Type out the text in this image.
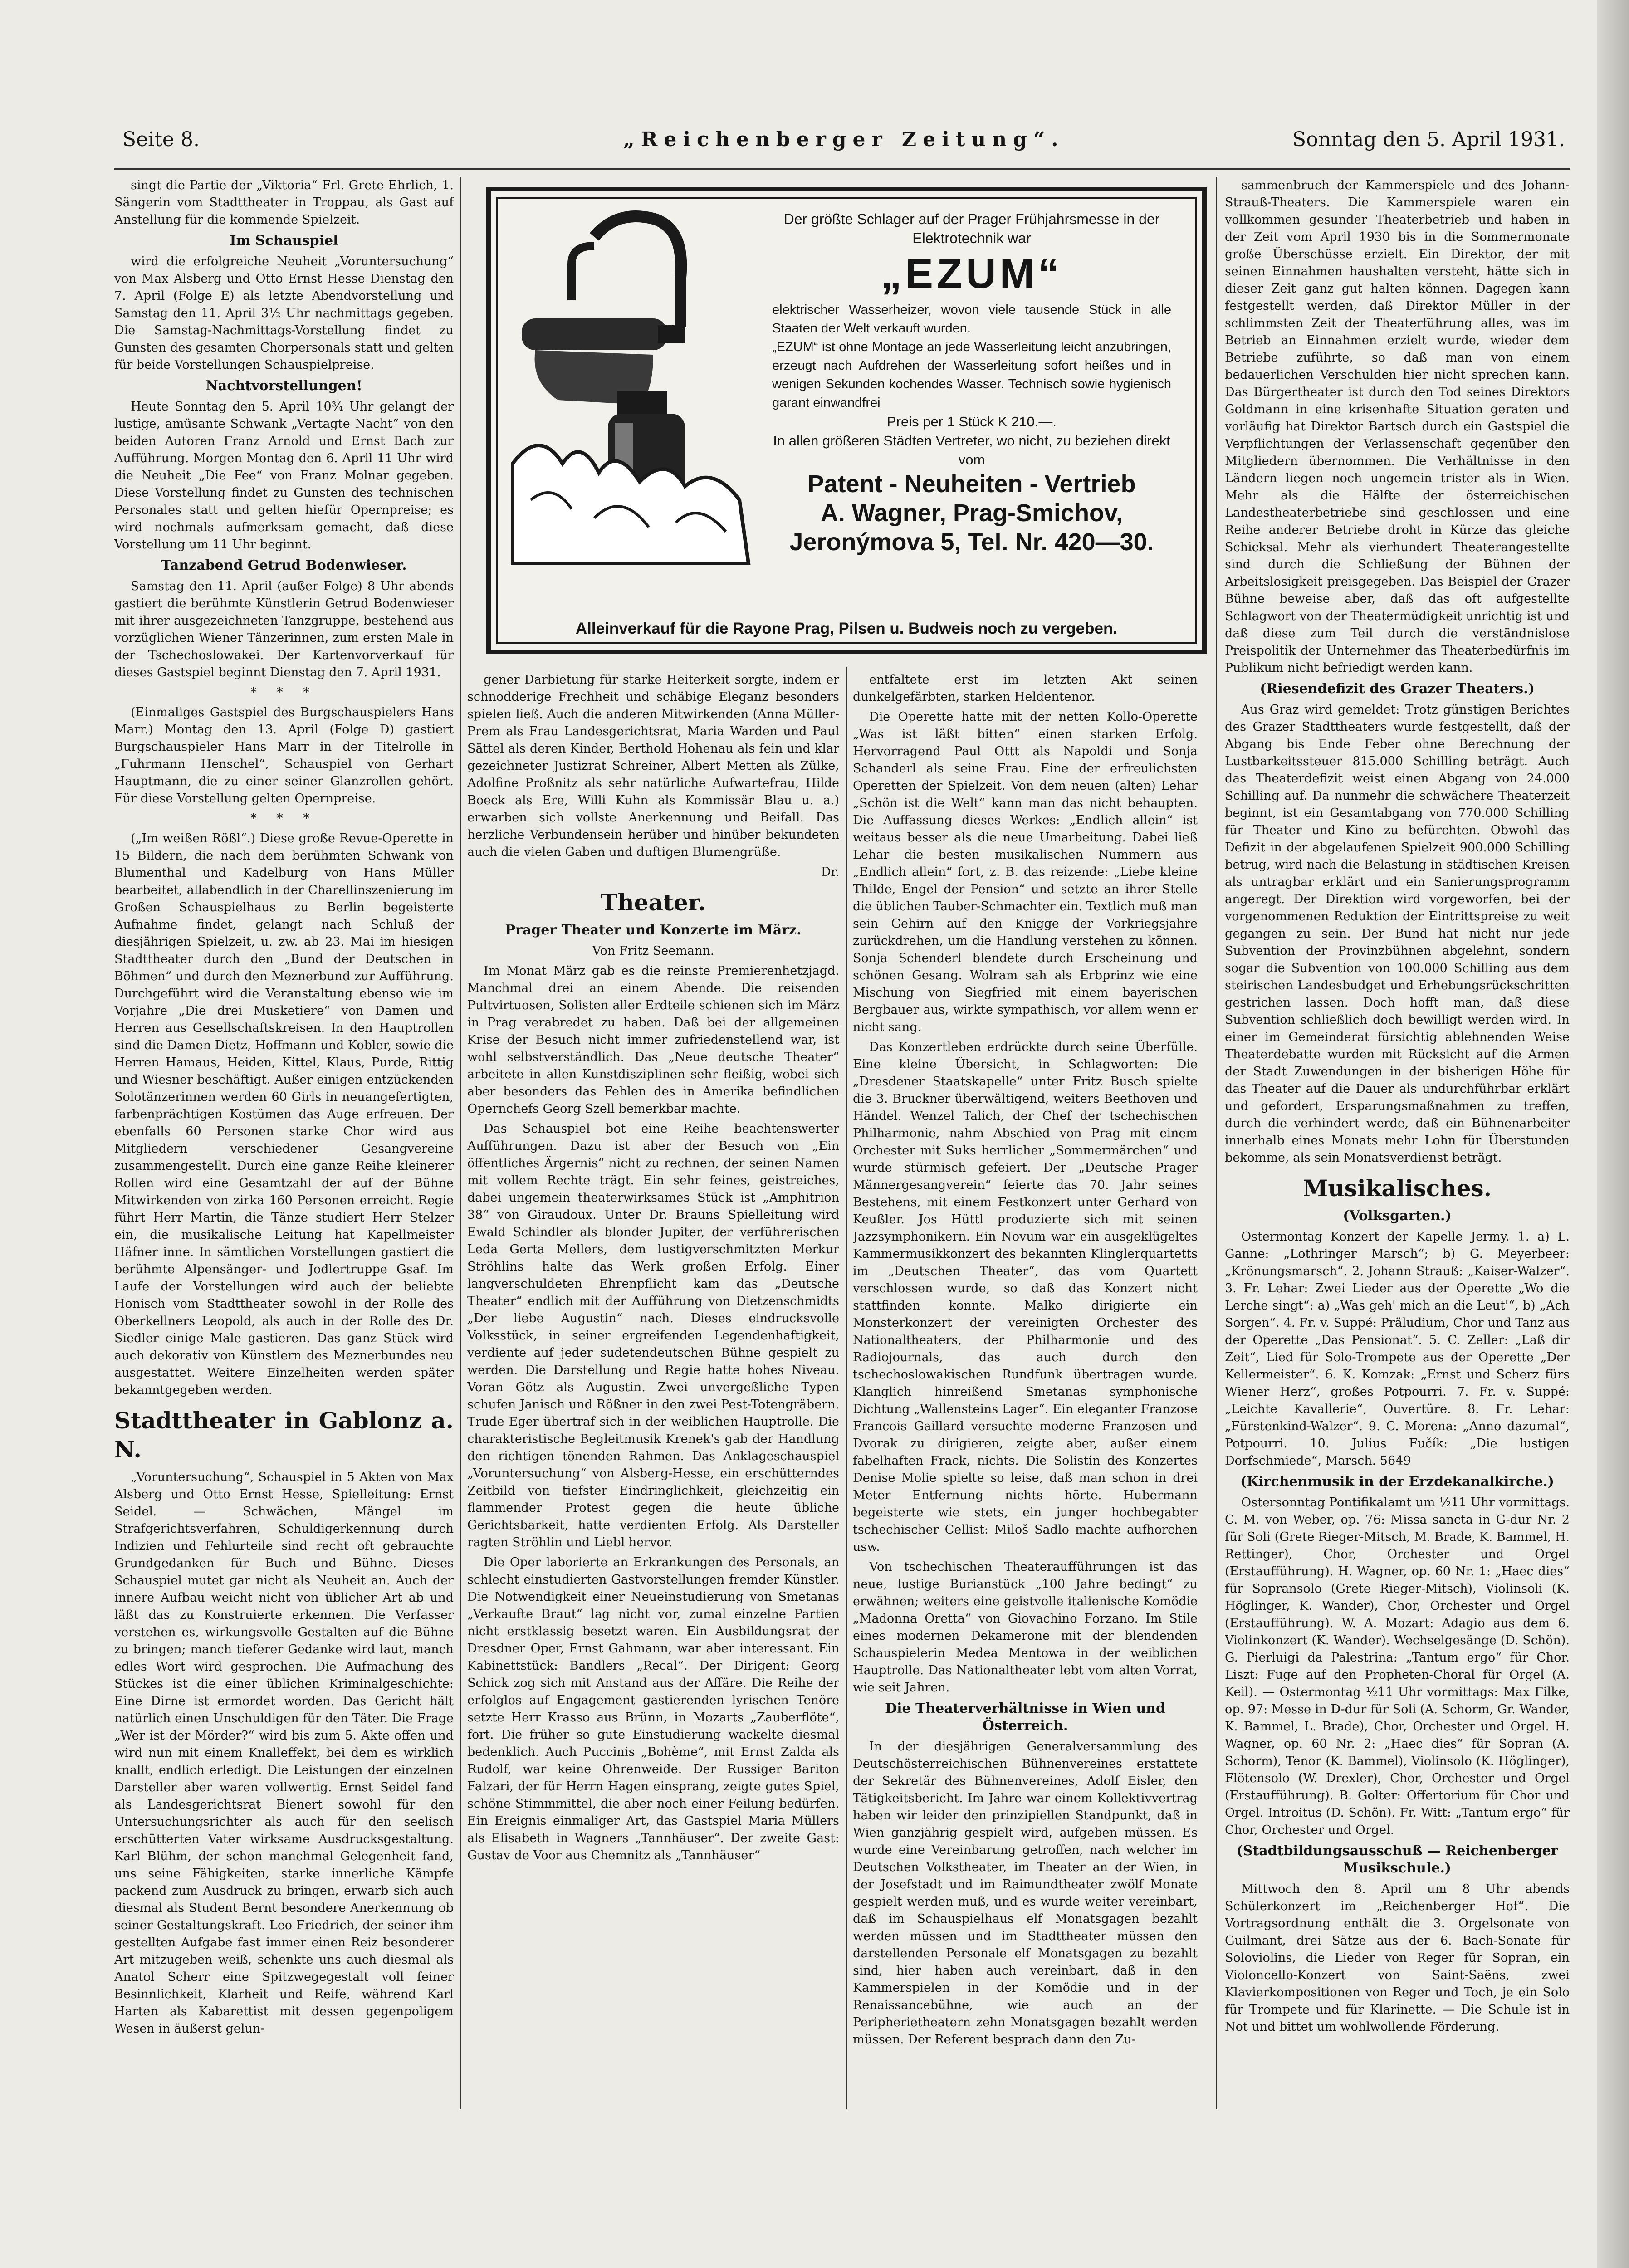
Seite 8.	„Reichenberger Zeitung“.	Sonntag den 5. April 1931.

singt die Partie der „Viktoria“ Frl. Grete Ehrlich, 1. Sängerin vom Stadttheater in Troppau, als Gast auf Anstellung für die kommende Spielzeit.

Im Schauspiel

wird die erfolgreiche Neuheit „Voruntersuchung“ von Max Alsberg und Otto Ernst Hesse Dienstag den 7. April (Folge E) als letzte Abendvorstellung und Samstag den 11. April 3½ Uhr nachmittags gegeben. Die Samstag-Nachmittags-Vorstellung findet zu Gunsten des gesamten Chorpersonals statt und gelten für beide Vorstellungen Schauspielpreise.

Nachtvorstellungen!

Heute Sonntag den 5. April 10¾ Uhr gelangt der lustige, amüsante Schwank „Vertagte Nacht“ von den beiden Autoren Franz Arnold und Ernst Bach zur Aufführung. Morgen Montag den 6. April 11 Uhr wird die Neuheit „Die Fee“ von Franz Molnar gegeben. Diese Vorstellung findet zu Gunsten des technischen Personales statt und gelten hiefür Opernpreise; es wird nochmals aufmerksam gemacht, daß diese Vorstellung um 11 Uhr beginnt.

Tanzabend Getrud Bodenwieser.

Samstag den 11. April (außer Folge) 8 Uhr abends gastiert die berühmte Künstlerin Getrud Bodenwieser mit ihrer ausgezeichneten Tanzgruppe, bestehend aus vorzüglichen Wiener Tänzerinnen, zum ersten Male in der Tschechoslowakei. Der Kartenvorverkauf für dieses Gastspiel beginnt Dienstag den 7. April 1931.

* * *

(Einmaliges Gastspiel des Burgschauspielers Hans Marr.) Montag den 13. April (Folge D) gastiert Burgschauspieler Hans Marr in der Titelrolle in „Fuhrmann Henschel“, Schauspiel von Gerhart Hauptmann, die zu einer seiner Glanzrollen gehört. Für diese Vorstellung gelten Opernpreise.

* * *

(„Im weißen Rößl“.) Diese große Revue-Operette in 15 Bildern, die nach dem berühmten Schwank von Blumenthal und Kadelburg von Hans Müller bearbeitet, allabendlich in der Charellinszenierung im Großen Schauspielhaus zu Berlin begeisterte Aufnahme findet, gelangt nach Schluß der diesjährigen Spielzeit, u. zw. ab 23. Mai im hiesigen Stadttheater durch den „Bund der Deutschen in Böhmen“ und durch den Meznerbund zur Aufführung. Durchgeführt wird die Veranstaltung ebenso wie im Vorjahre „Die drei Musketiere“ von Damen und Herren aus Gesellschaftskreisen. In den Hauptrollen sind die Damen Dietz, Hoffmann und Kobler, sowie die Herren Hamaus, Heiden, Kittel, Klaus, Purde, Rittig und Wiesner beschäftigt. Außer einigen entzückenden Solotänzerinnen werden 60 Girls in neuangefertigten, farbenprächtigen Kostümen das Auge erfreuen. Der ebenfalls 60 Personen starke Chor wird aus Mitgliedern verschiedener Gesangvereine zusammengestellt. Durch eine ganze Reihe kleinerer Rollen wird eine Gesamtzahl der auf der Bühne Mitwirkenden von zirka 160 Personen erreicht. Regie führt Herr Martin, die Tänze studiert Herr Stelzer ein, die musikalische Leitung hat Kapellmeister Häfner inne. In sämtlichen Vorstellungen gastiert die berühmte Alpensänger- und Jodlertruppe Gsaf. Im Laufe der Vorstellungen wird auch der beliebte Honisch vom Stadttheater sowohl in der Rolle des Oberkellners Leopold, als auch in der Rolle des Dr. Siedler einige Male gastieren. Das ganz Stück wird auch dekorativ von Künstlern des Meznerbundes neu ausgestattet. Weitere Einzelheiten werden später bekanntgegeben werden.

Stadttheater in Gablonz a. N.

„Voruntersuchung“, Schauspiel in 5 Akten von Max Alsberg und Otto Ernst Hesse, Spielleitung: Ernst Seidel. — Schwächen, Mängel im Strafgerichtsverfahren, Schuldigerkennung durch Indizien und Fehlurteile sind recht oft gebrauchte Grundgedanken für Buch und Bühne. Dieses Schauspiel mutet gar nicht als Neuheit an. Auch der innere Aufbau weicht nicht von üblicher Art ab und läßt das zu Konstruierte erkennen. Die Verfasser verstehen es, wirkungsvolle Gestalten auf die Bühne zu bringen; manch tieferer Gedanke wird laut, manch edles Wort wird gesprochen. Die Aufmachung des Stückes ist die einer üblichen Kriminalgeschichte: Eine Dirne ist ermordet worden. Das Gericht hält natürlich einen Unschuldigen für den Täter. Die Frage „Wer ist der Mörder?“ wird bis zum 5. Akte offen und wird nun mit einem Knalleffekt, bei dem es wirklich knallt, endlich erledigt. Die Leistungen der einzelnen Darsteller aber waren vollwertig. Ernst Seidel fand als Landesgerichtsrat Bienert sowohl für den Untersuchungsrichter als auch für den seelisch erschütterten Vater wirksame Ausdrucksgestaltung. Karl Blühm, der schon manchmal Gelegenheit fand, uns seine Fähigkeiten, starke innerliche Kämpfe packend zum Ausdruck zu bringen, erwarb sich auch diesmal als Student Bernt besondere Anerkennung ob seiner Gestaltungskraft. Leo Friedrich, der seiner ihm gestellten Aufgabe fast immer einen Reiz besonderer Art mitzugeben weiß, schenkte uns auch diesmal als Anatol Scherr eine Spitzwegegestalt voll feiner Besinnlichkeit, Klarheit und Reife, während Karl Harten als Kabarettist mit dessen gegenpoligem Wesen in äußerst gelun-

Der größte Schlager auf der Prager Frühjahrsmesse in der Elektrotechnik war

„EZUM“

elektrischer Wasserheizer, wovon viele tausende Stück in alle Staaten der Welt verkauft wurden.

„EZUM“ ist ohne Montage an jede Wasserleitung leicht anzubringen, erzeugt nach Aufdrehen der Wasserleitung sofort heißes und in wenigen Sekunden kochendes Wasser. Technisch sowie hygienisch garant einwandfrei

Preis per 1 Stück K 210.—.

In allen größeren Städten Vertreter, wo nicht, zu beziehen direkt vom

Patent - Neuheiten - Vertrieb

A. Wagner, Prag-Smichov,

Jeronýmova 5, Tel. Nr. 420—30.

Alleinverkauf für die Rayone Prag, Pilsen u. Budweis noch zu vergeben.

gener Darbietung für starke Heiterkeit sorgte, indem er schnodderige Frechheit und schäbige Eleganz besonders spielen ließ. Auch die anderen Mitwirkenden (Anna Müller-Prem als Frau Landesgerichtsrat, Maria Warden und Paul Sättel als deren Kinder, Berthold Hohenau als fein und klar gezeichneter Justizrat Schreiner, Albert Metten als Zülke, Adolfine Proßnitz als sehr natürliche Aufwartefrau, Hilde Boeck als Ere, Willi Kuhn als Kommissär Blau u. a.) erwarben sich vollste Anerkennung und Beifall. Das herzliche Verbundensein herüber und hinüber bekundeten auch die vielen Gaben und duftigen Blumengrüße.

Dr.

Theater.

Prager Theater und Konzerte im März.

Von Fritz Seemann.

Im Monat März gab es die reinste Premierenhetzjagd. Manchmal drei an einem Abende. Die reisenden Pultvirtuosen, Solisten aller Erdteile schienen sich im März in Prag verabredet zu haben. Daß bei der allgemeinen Krise der Besuch nicht immer zufriedenstellend war, ist wohl selbstverständlich. Das „Neue deutsche Theater“ arbeitete in allen Kunstdisziplinen sehr fleißig, wobei sich aber besonders das Fehlen des in Amerika befindlichen Opernchefs Georg Szell bemerkbar machte.

Das Schauspiel bot eine Reihe beachtenswerter Aufführungen. Dazu ist aber der Besuch von „Ein öffentliches Ärgernis“ nicht zu rechnen, der seinen Namen mit vollem Rechte trägt. Ein sehr feines, geistreiches, dabei ungemein theaterwirksames Stück ist „Amphitrion 38“ von Giraudoux. Unter Dr. Brauns Spielleitung wird Ewald Schindler als blonder Jupiter, der verführerischen Leda Gerta Mellers, dem lustigverschmitzten Merkur Ströhlins halte das Werk großen Erfolg. Einer langverschuldeten Ehrenpflicht kam das „Deutsche Theater“ endlich mit der Aufführung von Dietzenschmidts „Der liebe Augustin“ nach. Dieses eindrucksvolle Volksstück, in seiner ergreifenden Legendenhaftigkeit, verdiente auf jeder sudetendeutschen Bühne gespielt zu werden. Die Darstellung und Regie hatte hohes Niveau. Voran Götz als Augustin. Zwei unvergeßliche Typen schufen Janisch und Rößner in den zwei Pest-Totengräbern. Trude Eger übertraf sich in der weiblichen Hauptrolle. Die charakteristische Begleitmusik Krenek's gab der Handlung den richtigen tönenden Rahmen. Das Anklageschauspiel „Voruntersuchung“ von Alsberg-Hesse, ein erschütterndes Zeitbild von tiefster Eindringlichkeit, gleichzeitig ein flammender Protest gegen die heute übliche Gerichtsbarkeit, hatte verdienten Erfolg. Als Darsteller ragten Ströhlin und Liebl hervor.

Die Oper laborierte an Erkrankungen des Personals, an schlecht einstudierten Gastvorstellungen fremder Künstler. Die Notwendigkeit einer Neueinstudierung von Smetanas „Verkaufte Braut“ lag nicht vor, zumal einzelne Partien nicht erstklassig besetzt waren. Ein Ausbildungsrat der Dresdner Oper, Ernst Gahmann, war aber interessant. Ein Kabinettstück: Bandlers „Recal“. Der Dirigent: Georg Schick zog sich mit Anstand aus der Affäre. Die Reihe der erfolglos auf Engagement gastierenden lyrischen Tenöre setzte Herr Krasso aus Brünn, in Mozarts „Zauberflöte“, fort. Die früher so gute Einstudierung wackelte diesmal bedenklich. Auch Puccinis „Bohème“, mit Ernst Zalda als Rudolf, war keine Ohrenweide. Der Russiger Bariton Falzari, der für Herrn Hagen einsprang, zeigte gutes Spiel, schöne Stimmmittel, die aber noch einer Feilung bedürfen. Ein Ereignis einmaliger Art, das Gastspiel Maria Müllers als Elisabeth in Wagners „Tannhäuser“. Der zweite Gast: Gustav de Voor aus Chemnitz als „Tannhäuser“

entfaltete erst im letzten Akt seinen dunkelgefärbten, starken Heldentenor.

Die Operette hatte mit der netten Kollo-Operette „Was ist läßt bitten“ einen starken Erfolg. Hervorragend Paul Ottt als Napoldi und Sonja Schanderl als seine Frau. Eine der erfreulichsten Operetten der Spielzeit. Von dem neuen (alten) Lehar „Schön ist die Welt“ kann man das nicht behaupten. Die Auffassung dieses Werkes: „Endlich allein“ ist weitaus besser als die neue Umarbeitung. Dabei ließ Lehar die besten musikalischen Nummern aus „Endlich allein“ fort, z. B. das reizende: „Liebe kleine Thilde, Engel der Pension“ und setzte an ihrer Stelle die üblichen Tauber-Schmachter ein. Textlich muß man sein Gehirn auf den Knigge der Vorkriegsjahre zurückdrehen, um die Handlung verstehen zu können. Sonja Schenderl blendete durch Erscheinung und schönen Gesang. Wolram sah als Erbprinz wie eine Mischung von Siegfried mit einem bayerischen Bergbauer aus, wirkte sympathisch, vor allem wenn er nicht sang.

Das Konzertleben erdrückte durch seine Überfülle. Eine kleine Übersicht, in Schlagworten: Die „Dresdener Staatskapelle“ unter Fritz Busch spielte die 3. Bruckner überwältigend, weiters Beethoven und Händel. Wenzel Talich, der Chef der tschechischen Philharmonie, nahm Abschied von Prag mit einem Orchester mit Suks herrlicher „Sommermärchen“ und wurde stürmisch gefeiert. Der „Deutsche Prager Männergesangverein“ feierte das 70. Jahr seines Bestehens, mit einem Festkonzert unter Gerhard von Keußler. Jos Hüttl produzierte sich mit seinen Jazzsymphonikern. Ein Novum war ein ausgeklügeltes Kammermusikkonzert des bekannten Klinglerquartetts im „Deutschen Theater“, das vom Quartett verschlossen wurde, so daß das Konzert nicht stattfinden konnte. Malko dirigierte ein Monsterkonzert der vereinigten Orchester des Nationaltheaters, der Philharmonie und des Radiojournals, das auch durch den tschechoslowakischen Rundfunk übertragen wurde. Klanglich hinreißend Smetanas symphonische Dichtung „Wallensteins Lager“. Ein eleganter Franzose Francois Gaillard versuchte moderne Franzosen und Dvorak zu dirigieren, zeigte aber, außer einem fabelhaften Frack, nichts. Die Solistin des Konzertes Denise Molie spielte so leise, daß man schon in drei Meter Entfernung nichts hörte. Hubermann begeisterte wie stets, ein junger hochbegabter tschechischer Cellist: Miloš Sadlo machte aufhorchen usw.

Von tschechischen Theateraufführungen ist das neue, lustige Burianstück „100 Jahre bedingt“ zu erwähnen; weiters eine geistvolle italienische Komödie „Madonna Oretta“ von Giovachino Forzano. Im Stile eines modernen Dekamerone mit der blendenden Schauspielerin Medea Mentowa in der weiblichen Hauptrolle. Das Nationaltheater lebt vom alten Vorrat, wie seit Jahren.

Die Theaterverhältnisse in Wien und Österreich.

In der diesjährigen Generalversammlung des Deutschösterreichischen Bühnenvereines erstattete der Sekretär des Bühnenvereines, Adolf Eisler, den Tätigkeitsbericht. Im Jahre war einem Kollektivvertrag haben wir leider den prinzipiellen Standpunkt, daß in Wien ganzjährig gespielt wird, aufgeben müssen. Es wurde eine Vereinbarung getroffen, nach welcher im Deutschen Volkstheater, im Theater an der Wien, in der Josefstadt und im Raimundtheater zwölf Monate gespielt werden muß, und es wurde weiter vereinbart, daß im Schauspielhaus elf Monatsgagen bezahlt werden müssen und im Stadttheater müssen den darstellenden Personale elf Monatsgagen zu bezahlt sind, hier haben auch vereinbart, daß in den Kammerspielen in der Komödie und in der Renaissancebühne, wie auch an der Peripherietheatern zehn Monatsgagen bezahlt werden müssen. Der Referent besprach dann den Zu-

sammenbruch der Kammerspiele und des Johann-Strauß-Theaters. Die Kammerspiele waren ein vollkommen gesunder Theaterbetrieb und haben in der Zeit vom April 1930 bis in die Sommermonate große Überschüsse erzielt. Ein Direktor, der mit seinen Einnahmen haushalten versteht, hätte sich in dieser Zeit ganz gut halten können. Dagegen kann festgestellt werden, daß Direktor Müller in der schlimmsten Zeit der Theaterführung alles, was im Betrieb an Einnahmen erzielt wurde, wieder dem Betriebe zuführte, so daß man von einem bedauerlichen Verschulden hier nicht sprechen kann. Das Bürgertheater ist durch den Tod seines Direktors Goldmann in eine krisenhafte Situation geraten und vorläufig hat Direktor Bartsch durch ein Gastspiel die Verpflichtungen der Verlassenschaft gegenüber den Mitgliedern übernommen. Die Verhältnisse in den Ländern liegen noch ungemein trister als in Wien. Mehr als die Hälfte der österreichischen Landestheaterbetriebe sind geschlossen und eine Reihe anderer Betriebe droht in Kürze das gleiche Schicksal. Mehr als vierhundert Theaterangestellte sind durch die Schließung der Bühnen der Arbeitslosigkeit preisgegeben. Das Beispiel der Grazer Bühne beweise aber, daß das oft aufgestellte Schlagwort von der Theatermüdigkeit unrichtig ist und daß diese zum Teil durch die verständnislose Preispolitik der Unternehmer das Theaterbedürfnis im Publikum nicht befriedigt werden kann.

(Riesendefizit des Grazer Theaters.)

Aus Graz wird gemeldet: Trotz günstigen Berichtes des Grazer Stadttheaters wurde festgestellt, daß der Abgang bis Ende Feber ohne Berechnung der Lustbarkeitssteuer 815.000 Schilling beträgt. Auch das Theaterdefizit weist einen Abgang von 24.000 Schilling auf. Da nunmehr die schwächere Theaterzeit beginnt, ist ein Gesamtabgang von 770.000 Schilling für Theater und Kino zu befürchten. Obwohl das Defizit in der abgelaufenen Spielzeit 900.000 Schilling betrug, wird nach die Belastung in städtischen Kreisen als untragbar erklärt und ein Sanierungsprogramm angeregt. Der Direktion wird vorgeworfen, bei der vorgenommenen Reduktion der Eintrittspreise zu weit gegangen zu sein. Der Bund hat nicht nur jede Subvention der Provinzbühnen abgelehnt, sondern sogar die Subvention von 100.000 Schilling aus dem steirischen Landesbudget und Erhebungsrückschritten gestrichen lassen. Doch hofft man, daß diese Subvention schließlich doch bewilligt werden wird. In einer im Gemeinderat fürsichtig ablehnenden Weise Theaterdebatte wurden mit Rücksicht auf die Armen der Stadt Zuwendungen in der bisherigen Höhe für das Theater auf die Dauer als undurchführbar erklärt und gefordert, Ersparungsmaßnahmen zu treffen, durch die verhindert werde, daß ein Bühnenarbeiter innerhalb eines Monats mehr Lohn für Überstunden bekomme, als sein Monatsverdienst beträgt.

Musikalisches.

(Volksgarten.)

Ostermontag Konzert der Kapelle Jermy. 1. a) L. Ganne: „Lothringer Marsch“; b) G. Meyerbeer: „Krönungsmarsch“. 2. Johann Strauß: „Kaiser-Walzer“. 3. Fr. Lehar: Zwei Lieder aus der Operette „Wo die Lerche singt“: a) „Was geh' mich an die Leut'“, b) „Ach Sorgen“. 4. Fr. v. Suppé: Präludium, Chor und Tanz aus der Operette „Das Pensionat“. 5. C. Zeller: „Laß dir Zeit“, Lied für Solo-Trompete aus der Operette „Der Kellermeister“. 6. K. Komzak: „Ernst und Scherz fürs Wiener Herz“, großes Potpourri. 7. Fr. v. Suppé: „Leichte Kavallerie“, Ouvertüre. 8. Fr. Lehar: „Fürstenkind-Walzer“. 9. C. Morena: „Anno dazumal“, Potpourri. 10. Julius Fučík: „Die lustigen Dorfschmiede“, Marsch. 5649

(Kirchenmusik in der Erzdekanalkirche.)

Ostersonntag Pontifikalamt um ½11 Uhr vormittags. C. M. von Weber, op. 76: Missa sancta in G-dur Nr. 2 für Soli (Grete Rieger-Mitsch, M. Brade, K. Bammel, H. Rettinger), Chor, Orchester und Orgel (Erstaufführung). H. Wagner, op. 60 Nr. 1: „Haec dies“ für Sopransolo (Grete Rieger-Mitsch), Violinsoli (K. Höglinger, K. Wander), Chor, Orchester und Orgel (Erstaufführung). W. A. Mozart: Adagio aus dem 6. Violinkonzert (K. Wander). Wechselgesänge (D. Schön). G. Pierluigi da Palestrina: „Tantum ergo“ für Chor. Liszt: Fuge auf den Propheten-Choral für Orgel (A. Keil). — Ostermontag ½11 Uhr vormittags: Max Filke, op. 97: Messe in D-dur für Soli (A. Schorm, Gr. Wander, K. Bammel, L. Brade), Chor, Orchester und Orgel. H. Wagner, op. 60 Nr. 2: „Haec dies“ für Sopran (A. Schorm), Tenor (K. Bammel), Violinsolo (K. Höglinger), Flötensolo (W. Drexler), Chor, Orchester und Orgel (Erstaufführung). B. Golter: Offertorium für Chor und Orgel. Introitus (D. Schön). Fr. Witt: „Tantum ergo“ für Chor, Orchester und Orgel.

(Stadtbildungsausschuß — Reichenberger Musikschule.)

Mittwoch den 8. April um 8 Uhr abends Schülerkonzert im „Reichenberger Hof“. Die Vortragsordnung enthält die 3. Orgelsonate von Guilmant, drei Sätze aus der 6. Bach-Sonate für Soloviolins, die Lieder von Reger für Sopran, ein Violoncello-Konzert von Saint-Saëns, zwei Klavierkompositionen von Reger und Toch, je ein Solo für Trompete und für Klarinette. — Die Schule ist in Not und bittet um wohlwollende Förderung.
